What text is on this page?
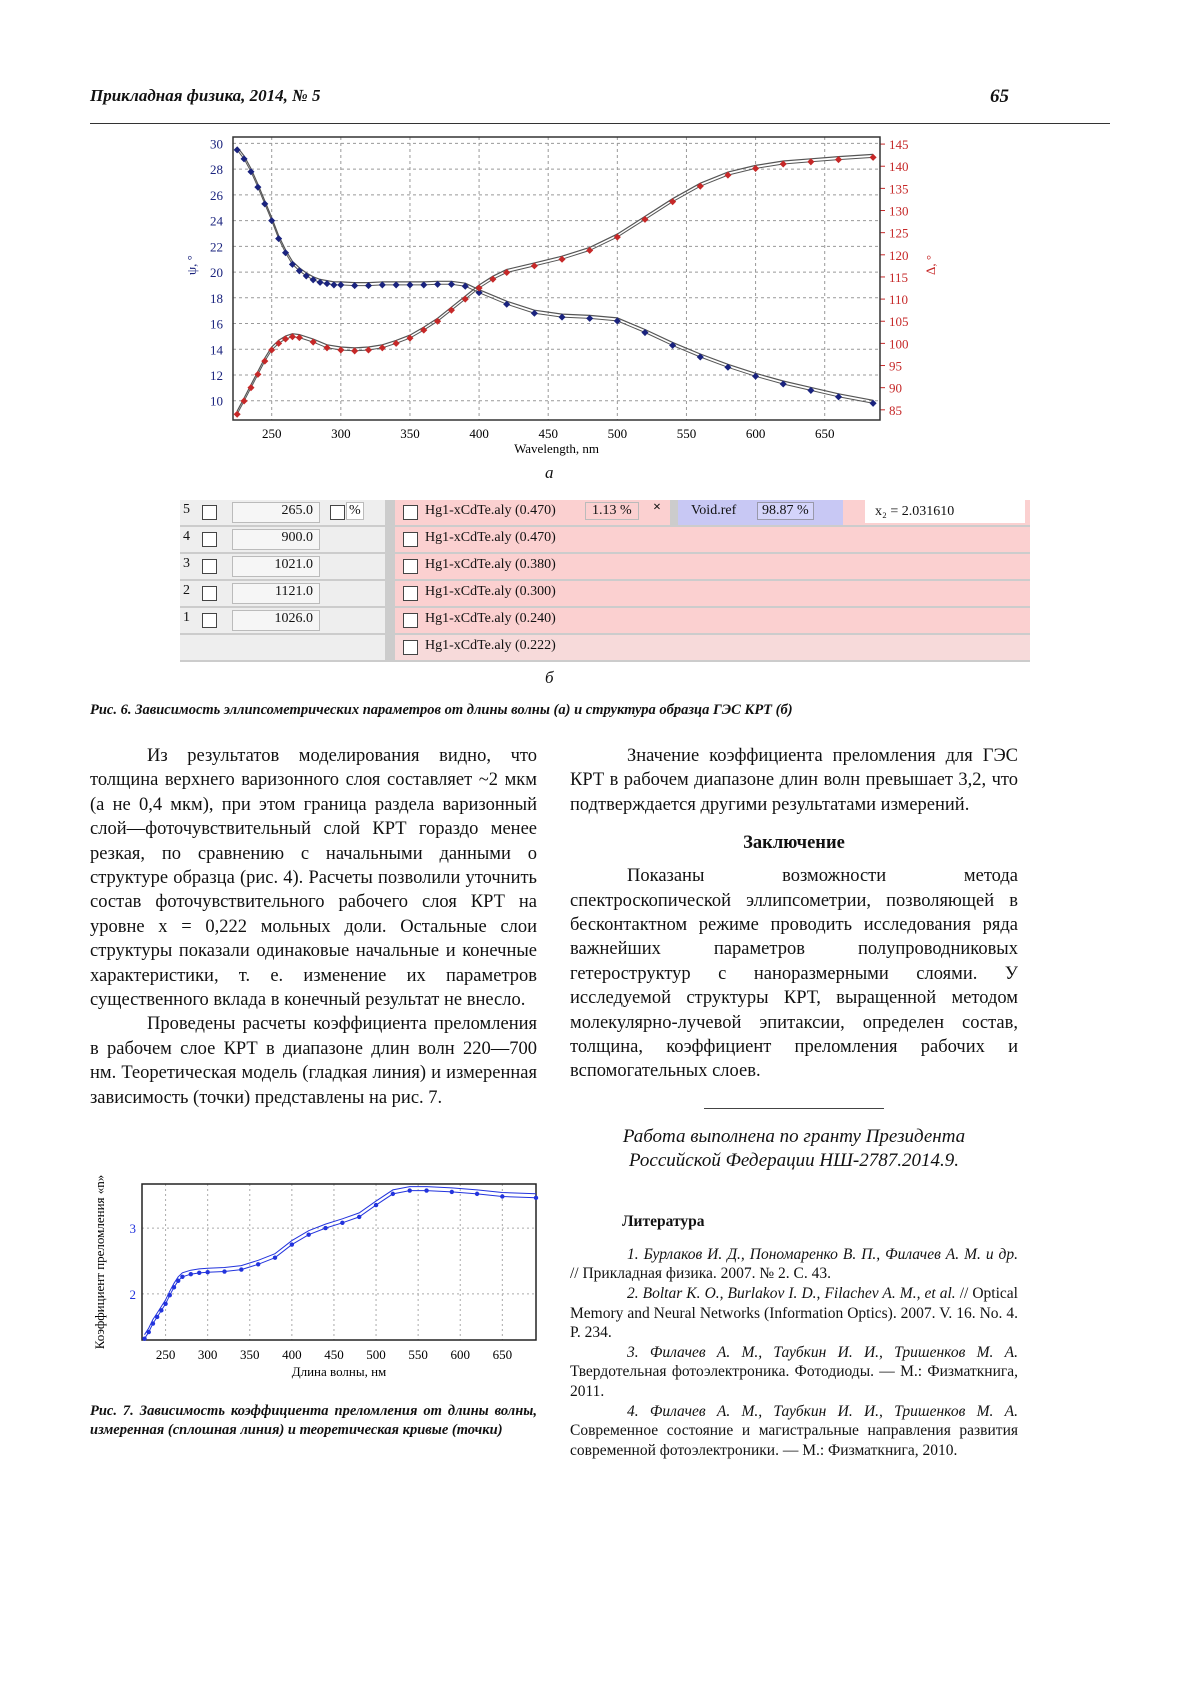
Прикладная физика, 2014, № 5	65
250	300	350	400	450	500	550	600	650
10
12
14
16
18
20
22
24
26
28
30
85
90
95
100
105
110
115
120
125
130
135
140
145
Wavelength, nm
ψ, °	Δ, °
а
5	265.0	%	Hg1-xCdTe.aly (0.470)	1.13 %	× Void.ref	98.87 %	x₂ = 2.031610
4	900.0	Hg1-xCdTe.aly (0.470)
3	1021.0	Hg1-xCdTe.aly (0.380)
2	1121.0	Hg1-xCdTe.aly (0.300)
1	1026.0	Hg1-xCdTe.aly (0.240)
Hg1-xCdTe.aly (0.222)
б
Рис. 6. Зависимость эллипсометрических параметров от длины волны (а) и структура образца ГЭС КРТ (б)

Из результатов моделирования видно, что толщина верхнего варизонного слоя составляет ~2 мкм (а не 0,4 мкм), при этом граница раздела варизонный слой—фоточувствительный слой КРТ гораздо менее резкая, по сравнению с начальными данными о структуре образца (рис. 4). Расчеты позволили уточнить состав фоточувствительного рабочего слоя КРТ на уровне x = 0,222 мольных доли. Остальные слои структуры показали одинаковые начальные и конечные характеристики, т. е. изменение их параметров существенного вклада в конечный результат не внесло.

Проведены расчеты коэффициента преломления в рабочем слое КРТ в диапазоне длин волн 220—700 нм. Теоретическая модель (гладкая линия) и измеренная зависимость (точки) представлены на рис. 7.

250 300 350 400 450 500 550 600 650
2
3
Длина волны, нм
Коэффициент преломления «n»
Рис. 7. Зависимость коэффициента преломления от длины волны, измеренная (сплошная линия) и теоретическая кривые (точки)

Значение коэффициента преломления для ГЭС КРТ в рабочем диапазоне длин волн превышает 3,2, что подтверждается другими результатами измерений.

Заключение

Показаны возможности метода спектроскопической эллипсометрии, позволяющей в бесконтактном режиме проводить исследования ряда важнейших параметров полупроводниковых гетероструктур с наноразмерными слоями. У исследуемой структуры КРТ, выращенной методом молекулярно-лучевой эпитаксии, определен состав, толщина, коэффициент преломления рабочих и вспомогательных слоев.

Работа выполнена по гранту Президента Российской Федерации НШ-2787.2014.9.
Литература

1. Бурлаков И. Д., Пономаренко В. П., Филачев А. М. и др. // Прикладная физика. 2007. № 2. С. 43.

2. Boltar K. O., Burlakov I. D., Filachev A. M., et al. // Optical Memory and Neural Networks (Information Optics). 2007. V. 16. No. 4. P. 234.

3. Филачев А. М., Таубкин И. И., Тришенков М. А. Твердотельная фотоэлектроника. Фотодиоды. — М.: Физматкнига, 2011.

4. Филачев А. М., Таубкин И. И., Тришенков М. А. Современное состояние и магистральные направления развития современной фотоэлектроники. — М.: Физматкнига, 2010.
